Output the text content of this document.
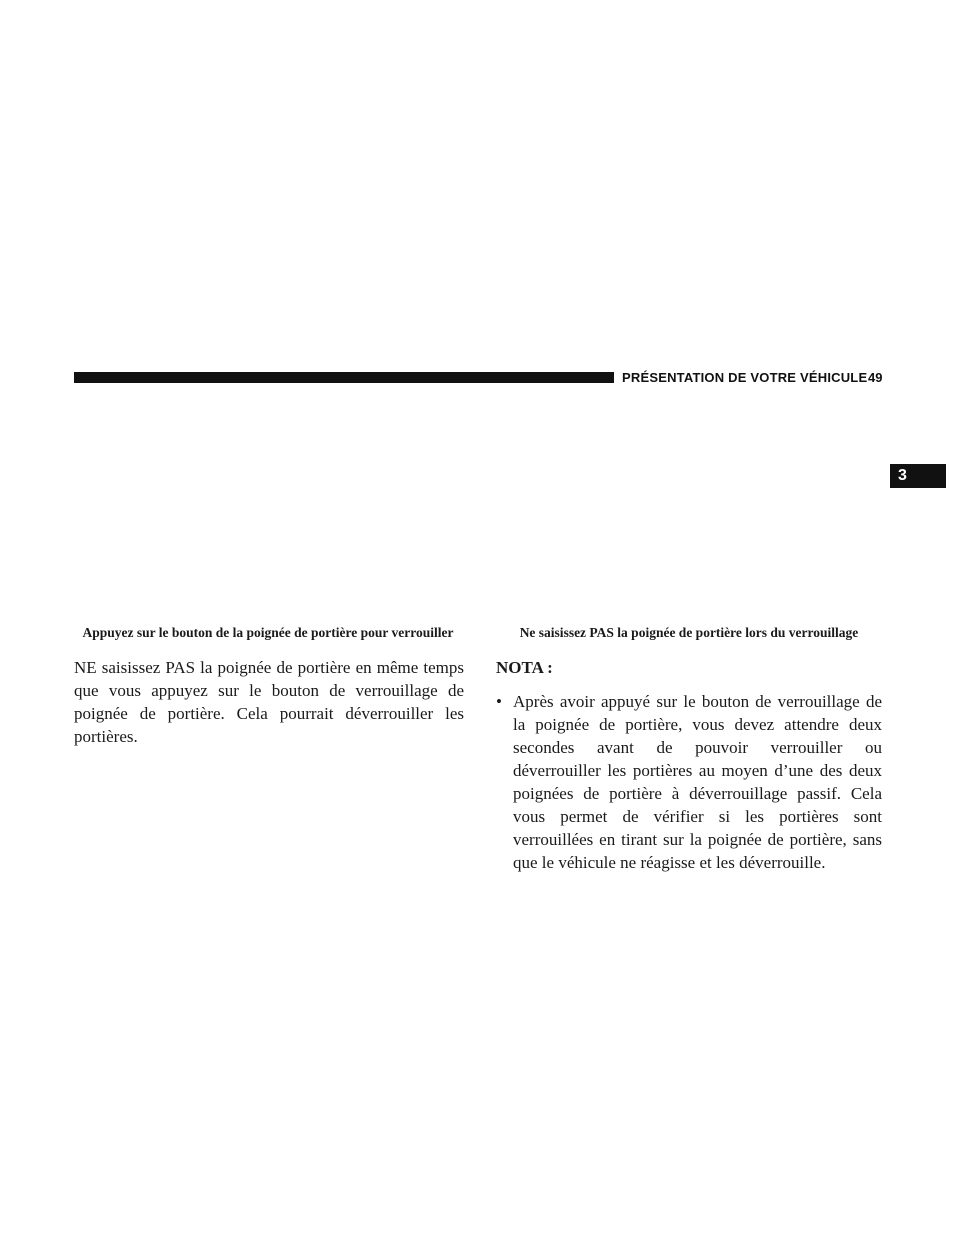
PRÉSENTATION DE VOTRE VÉHICULE 49
3
Appuyez sur le bouton de la poignée de portière pour verrouiller	Ne saisissez PAS la poignée de portière lors du verrouillage

NE saisissez PAS la poignée de portière en même temps que vous appuyez sur le bouton de verrouillage de poignée de portière. Cela pourrait déverrouiller les portières.

NOTA :
• Après avoir appuyé sur le bouton de verrouillage de la poignée de portière, vous devez attendre deux secondes avant de pouvoir verrouiller ou déverrouiller les portières au moyen d’une des deux poignées de portière à déverrouillage passif. Cela vous permet de vérifier si les portières sont verrouillées en tirant sur la poignée de portière, sans que le véhicule ne réagisse et les déverrouille.
